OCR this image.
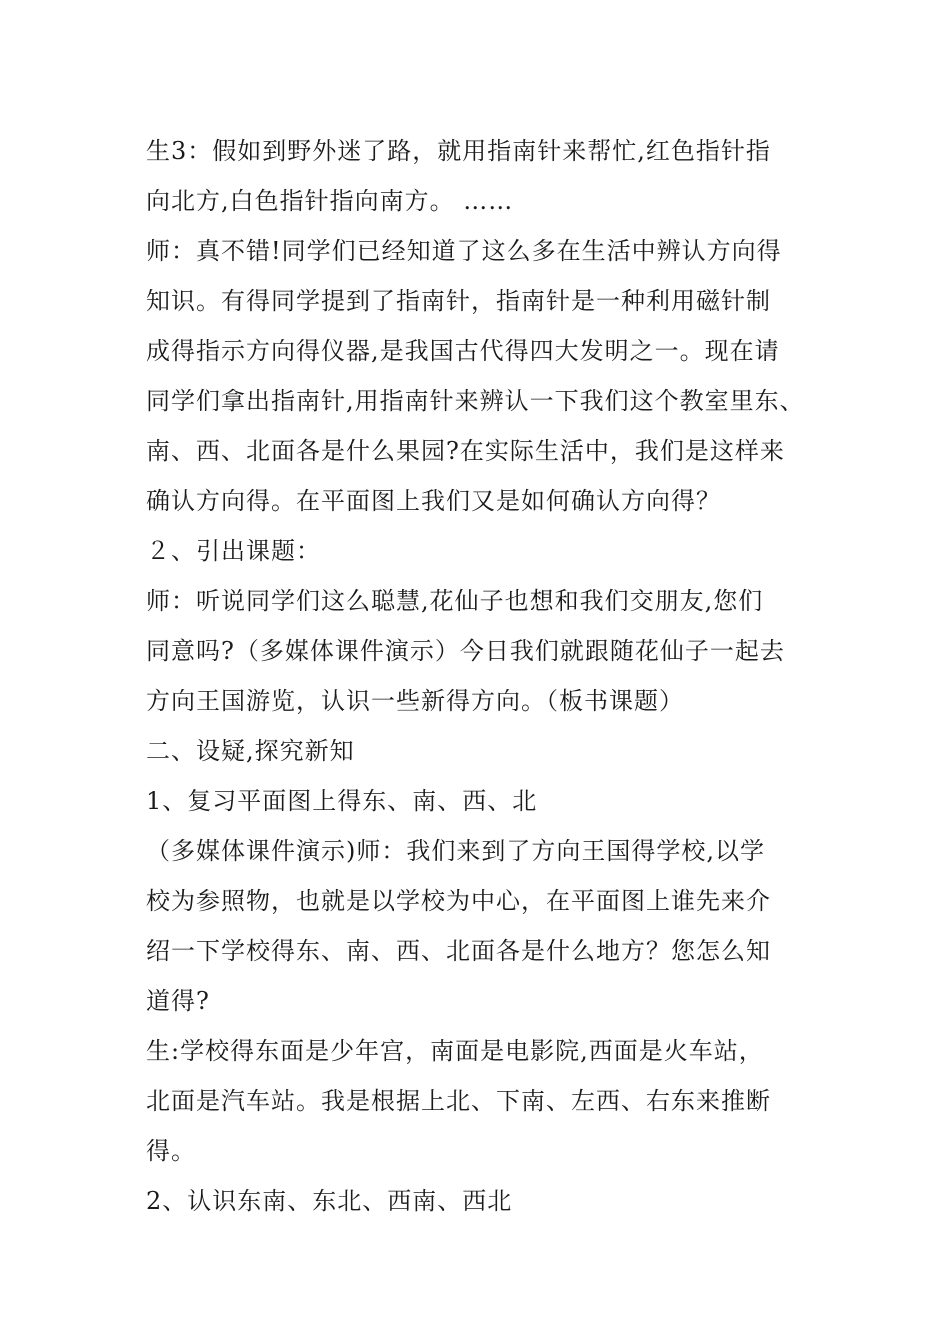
生3：假如到野外迷了路，就用指南针来帮忙,红色指针指
向北方,白色指针指向南方。 ……
师：真不错!同学们已经知道了这么多在生活中辨认方向得
知识。有得同学提到了指南针，指南针是一种利用磁针制
成得指示方向得仪器,是我国古代得四大发明之一。现在请
同学们拿出指南针,用指南针来辨认一下我们这个教室里东、
南、西、北面各是什么果园?在实际生活中，我们是这样来
确认方向得。在平面图上我们又是如何确认方向得？
２、引出课题：
师：听说同学们这么聪慧,花仙子也想和我们交朋友,您们
同意吗?（多媒体课件演示）今日我们就跟随花仙子一起去
方向王国游览，认识一些新得方向。（板书课题）
二、设疑,探究新知
1、复习平面图上得东、南、西、北
（多媒体课件演示)师：我们来到了方向王国得学校,以学
校为参照物，也就是以学校为中心，在平面图上谁先来介
绍一下学校得东、南、西、北面各是什么地方？您怎么知
道得?
生:学校得东面是少年宫，南面是电影院,西面是火车站，
北面是汽车站。我是根据上北、下南、左西、右东来推断
得。
2、认识东南、东北、西南、西北
